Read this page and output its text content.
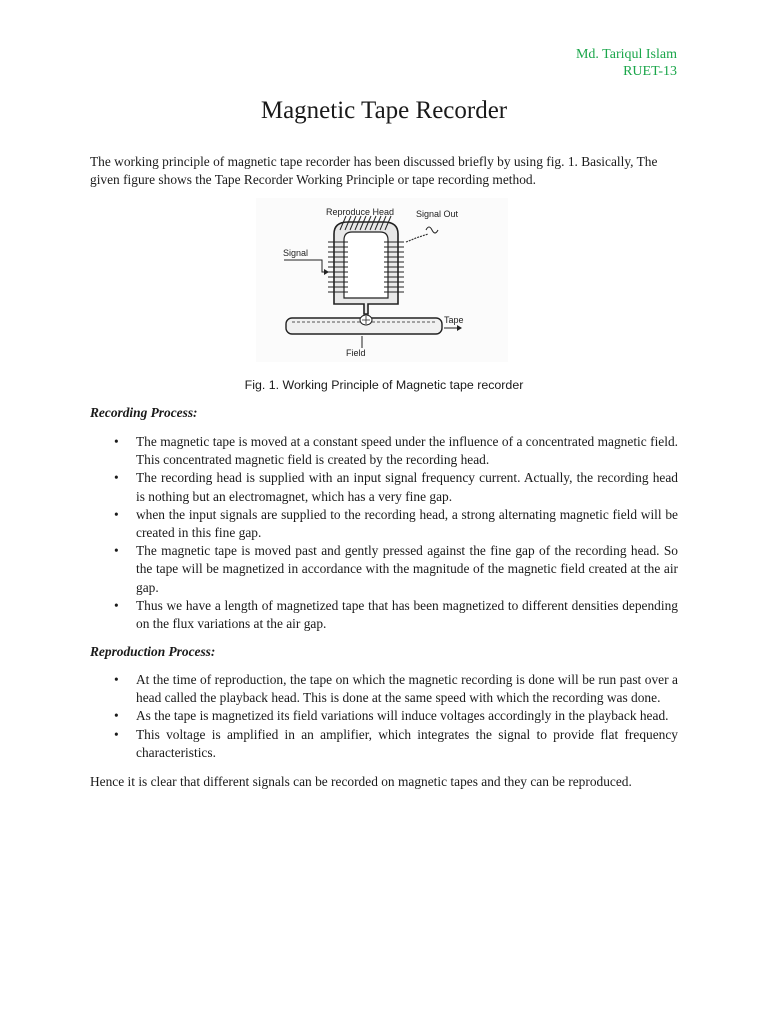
Md. Tariqul Islam
RUET-13
Magnetic Tape Recorder
The working principle of magnetic tape recorder has been discussed briefly by using fig. 1. Basically, The given figure shows the Tape Recorder Working Principle or tape recording method.
Reproduce Head Signal Out
Signal
Tape
Field
Fig. 1. Working Principle of Magnetic tape recorder
Recording Process:
• The magnetic tape is moved at a constant speed under the influence of a concentrated magnetic field. This concentrated magnetic field is created by the recording head.
• The recording head is supplied with an input signal frequency current. Actually, the recording head is nothing but an electromagnet, which has a very fine gap.
• when the input signals are supplied to the recording head, a strong alternating magnetic field will be created in this fine gap.
• The magnetic tape is moved past and gently pressed against the fine gap of the recording head. So the tape will be magnetized in accordance with the magnitude of the magnetic field created at the air gap.
• Thus we have a length of magnetized tape that has been magnetized to different densities depending on the flux variations at the air gap.
Reproduction Process:
• At the time of reproduction, the tape on which the magnetic recording is done will be run past over a head called the playback head. This is done at the same speed with which the recording was done.
• As the tape is magnetized its field variations will induce voltages accordingly in the playback head.
• This voltage is amplified in an amplifier, which integrates the signal to provide flat frequency characteristics.
Hence it is clear that different signals can be recorded on magnetic tapes and they can be reproduced.
